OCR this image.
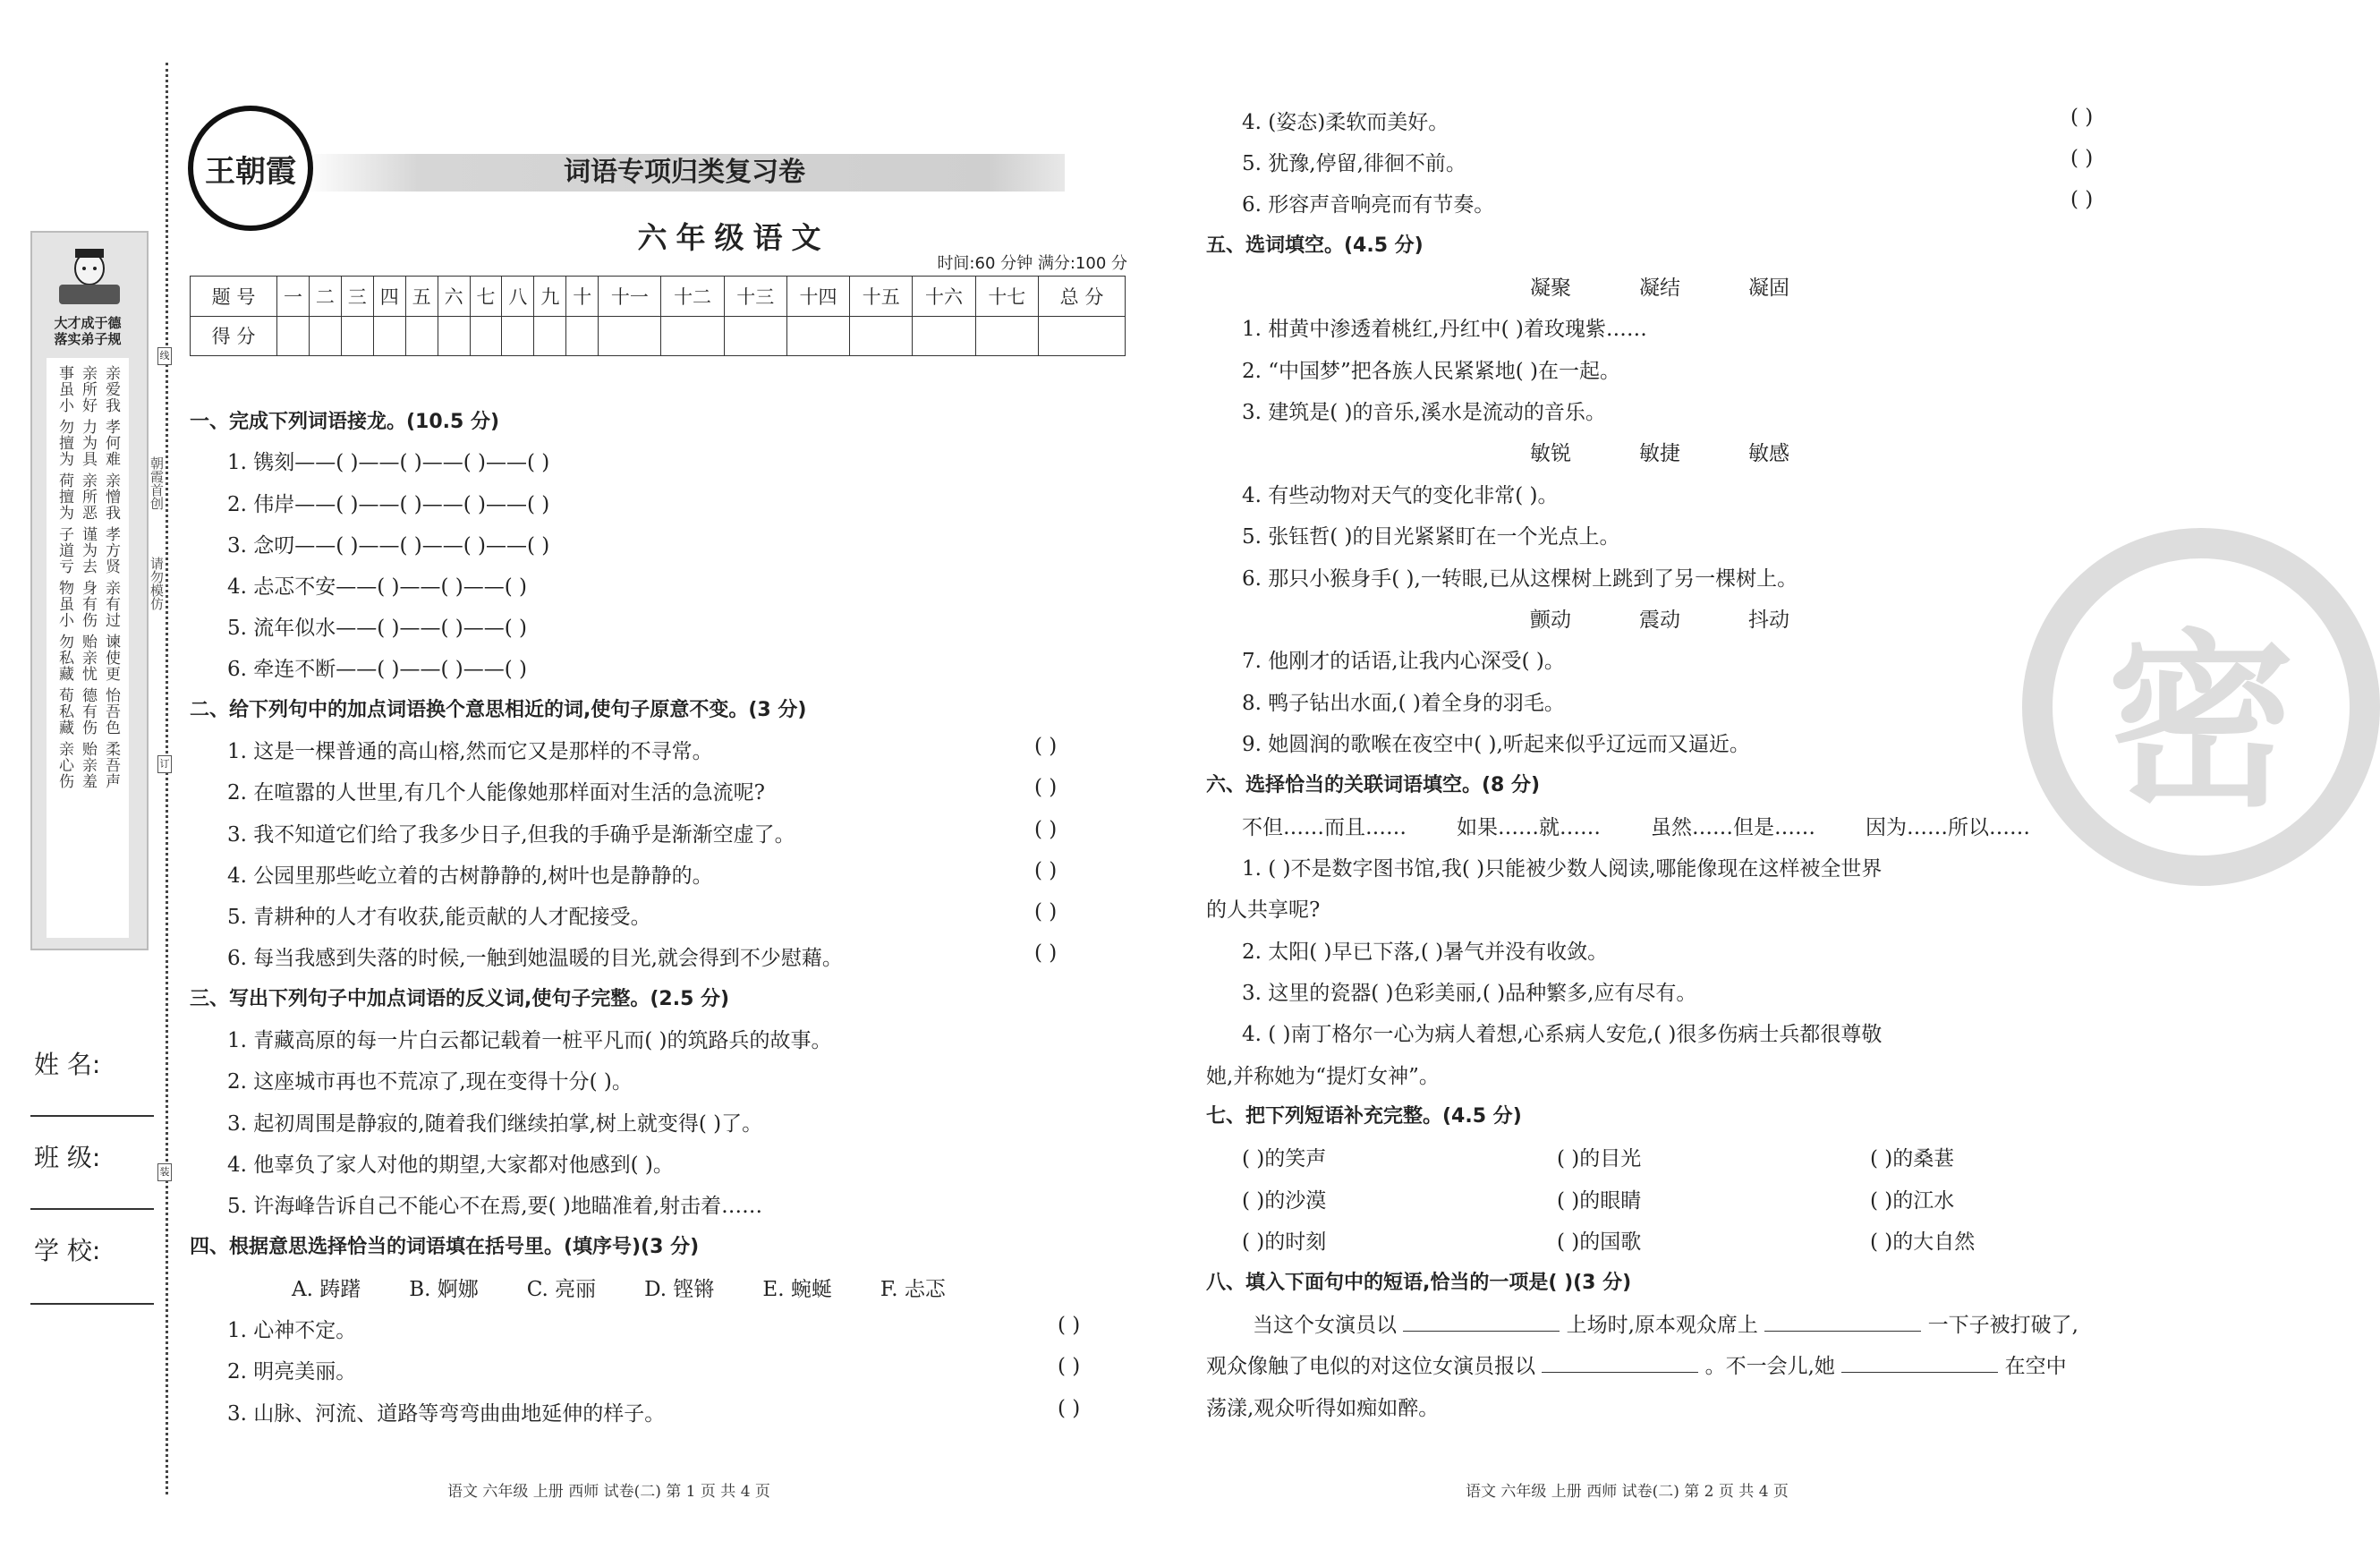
大才成于德
落实弟子规
亲爱我
亲所好
事虽小
孝何难
力为具
勿擅为
亲憎我
亲所恶
荷擅为
孝方贤
谨为去
子道亏
亲有过
身有伤
物虽小
谏使更
贻亲忧
勿私藏
怡吾色
德有伤
荀私藏
柔吾声
贻亲羞
亲心伤
朝霞首创
请勿模仿
线
订
装
姓 名:
班 级:
学 校:
王朝霞	词语专项归类复习卷
六年级语文
时间:60 分钟 满分:100 分
题 号	一	二	三	四	五	六	七	八	九	十	十一	十二	十三	十四	十五	十六	十七	总 分
得 分																		
一、完成下列词语接龙。(10.5 分)
1. 镌刻——( )——( )——( )——( )
2. 伟岸——( )——( )——( )——( )
3. 念叨——( )——( )——( )——( )
4. 忐忑不安——( )——( )——( )
5. 流年似水——( )——( )——( )
6. 牵连不断——( )——( )——( )
二、给下列句中的加点词语换个意思相近的词,使句子原意不变。(3 分)
1. 这是一棵普通的高山榕,然而它又是那样的不寻常。	( )
2. 在喧嚣的人世里,有几个人能像她那样面对生活的急流呢?	( )
3. 我不知道它们给了我多少日子,但我的手确乎是渐渐空虚了。	( )
4. 公园里那些屹立着的古树静静的,树叶也是静静的。	( )
5. 青耕种的人才有收获,能贡献的人才配接受。	( )
6. 每当我感到失落的时候,一触到她温暖的目光,就会得到不少慰藉。	( )
三、写出下列句子中加点词语的反义词,使句子完整。(2.5 分)
1. 青藏高原的每一片白云都记载着一桩平凡而( )的筑路兵的故事。
2. 这座城市再也不荒凉了,现在变得十分( )。
3. 起初周围是静寂的,随着我们继续拍掌,树上就变得( )了。
4. 他辜负了家人对他的期望,大家都对他感到( )。
5. 许海峰告诉自己不能心不在焉,要( )地瞄准着,射击着……
四、根据意思选择恰当的词语填在括号里。(填序号)(3 分)
A. 踌躇 B. 婀娜 C. 亮丽 D. 铿锵 E. 蜿蜒 F. 忐忑
1. 心神不定。	( )
2. 明亮美丽。	( )
3. 山脉、河流、道路等弯弯曲曲地延伸的样子。	( )
语文 六年级 上册 西师 试卷(二) 第 1 页 共 4 页
密
4. (姿态)柔软而美好。	( )
5. 犹豫,停留,徘徊不前。	( )
6. 形容声音响亮而有节奏。	( )
五、选词填空。(4.5 分)
凝聚	凝结	凝固
1. 柑黄中渗透着桃红,丹红中( )着玫瑰紫……
2. “中国梦”把各族人民紧紧地( )在一起。
3. 建筑是( )的音乐,溪水是流动的音乐。
敏锐	敏捷	敏感
4. 有些动物对天气的变化非常( )。
5. 张钰哲( )的目光紧紧盯在一个光点上。
6. 那只小猴身手( ),一转眼,已从这棵树上跳到了另一棵树上。
颤动	震动	抖动
7. 他刚才的话语,让我内心深受( )。
8. 鸭子钻出水面,( )着全身的羽毛。
9. 她圆润的歌喉在夜空中( ),听起来似乎辽远而又逼近。
六、选择恰当的关联词语填空。(8 分)
不但……而且…… 如果……就…… 虽然……但是…… 因为……所以……
1. ( )不是数字图书馆,我( )只能被少数人阅读,哪能像现在这样被全世界
的人共享呢?
2. 太阳( )早已下落,( )暑气并没有收敛。
3. 这里的瓷器( )色彩美丽,( )品种繁多,应有尽有。
4. ( )南丁格尔一心为病人着想,心系病人安危,( )很多伤病士兵都很尊敬
她,并称她为“提灯女神”。
七、把下列短语补充完整。(4.5 分)
( )的笑声	( )的目光	( )的桑葚
( )的沙漠	( )的眼睛	( )的江水
( )的时刻	( )的国歌	( )的大自然
八、填入下面句中的短语,恰当的一项是( )(3 分)
当这个女演员以	上场时,原本观众席上	一下子被打破了,
观众像触了电似的对这位女演员报以	。不一会儿,她	在空中
荡漾,观众听得如痴如醉。
语文 六年级 上册 西师 试卷(二) 第 2 页 共 4 页
